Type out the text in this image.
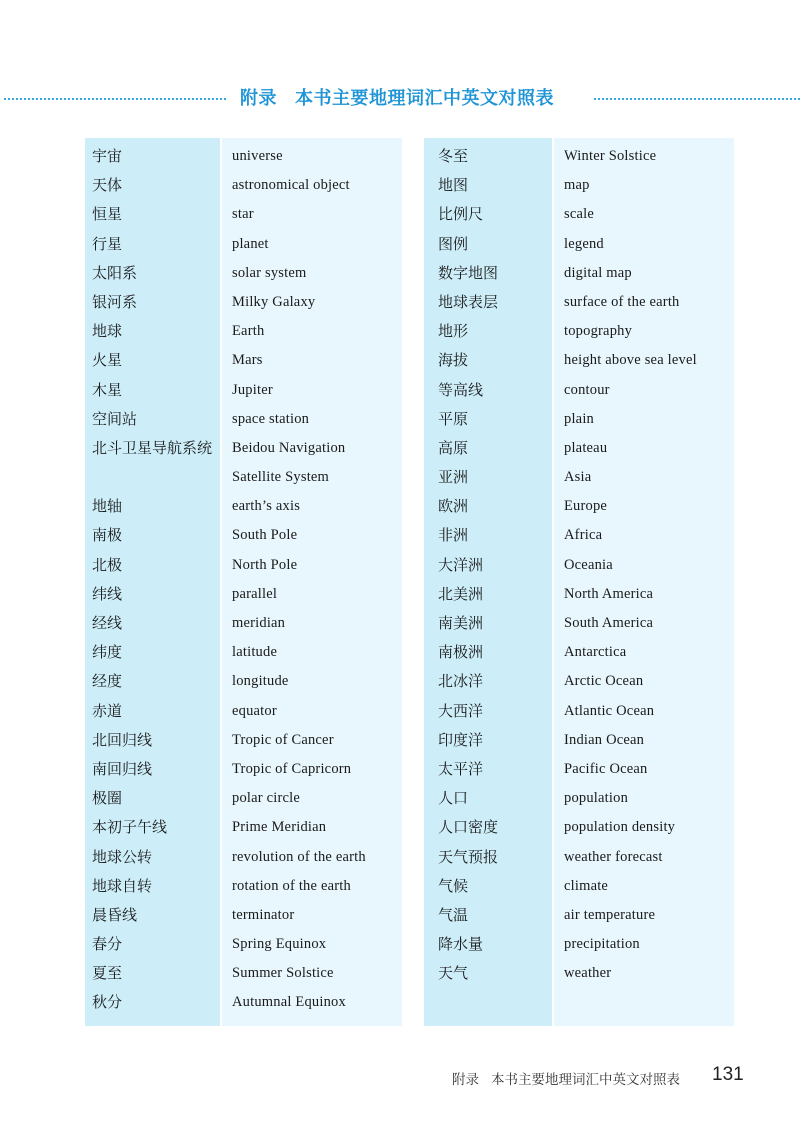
附录 本书主要地理词汇中英文对照表
宇宙	universe
天体	astronomical object
恒星	star
行星	planet
太阳系	solar system
银河系	Milky Galaxy
地球	Earth
火星	Mars
木星	Jupiter
空间站	space station
北斗卫星导航系统 Beidou Navigation
Satellite System
地轴	earth’s axis
南极	South Pole
北极	North Pole
纬线	parallel
经线	meridian
纬度	latitude
经度	longitude
赤道	equator
北回归线	Tropic of Cancer
南回归线	Tropic of Capricorn
极圈	polar circle
本初子午线	Prime Meridian
地球公转	revolution of the earth
地球自转	rotation of the earth
晨昏线	terminator
春分	Spring Equinox
夏至	Summer Solstice
秋分	Autumnal Equinox
冬至	Winter Solstice
地图	map
比例尺	scale
图例	legend
数字地图	digital map
地球表层	surface of the earth
地形	topography
海拔	height above sea level
等高线	contour
平原	plain
高原	plateau
亚洲	Asia
欧洲	Europe
非洲	Africa
大洋洲	Oceania
北美洲	North America
南美洲	South America
南极洲	Antarctica
北冰洋	Arctic Ocean
大西洋	Atlantic Ocean
印度洋	Indian Ocean
太平洋	Pacific Ocean
人口	population
人口密度	population density
天气预报	weather forecast
气候	climate
气温	air temperature
降水量	precipitation
天气	weather
附录 本书主要地理词汇中英文对照表 131
